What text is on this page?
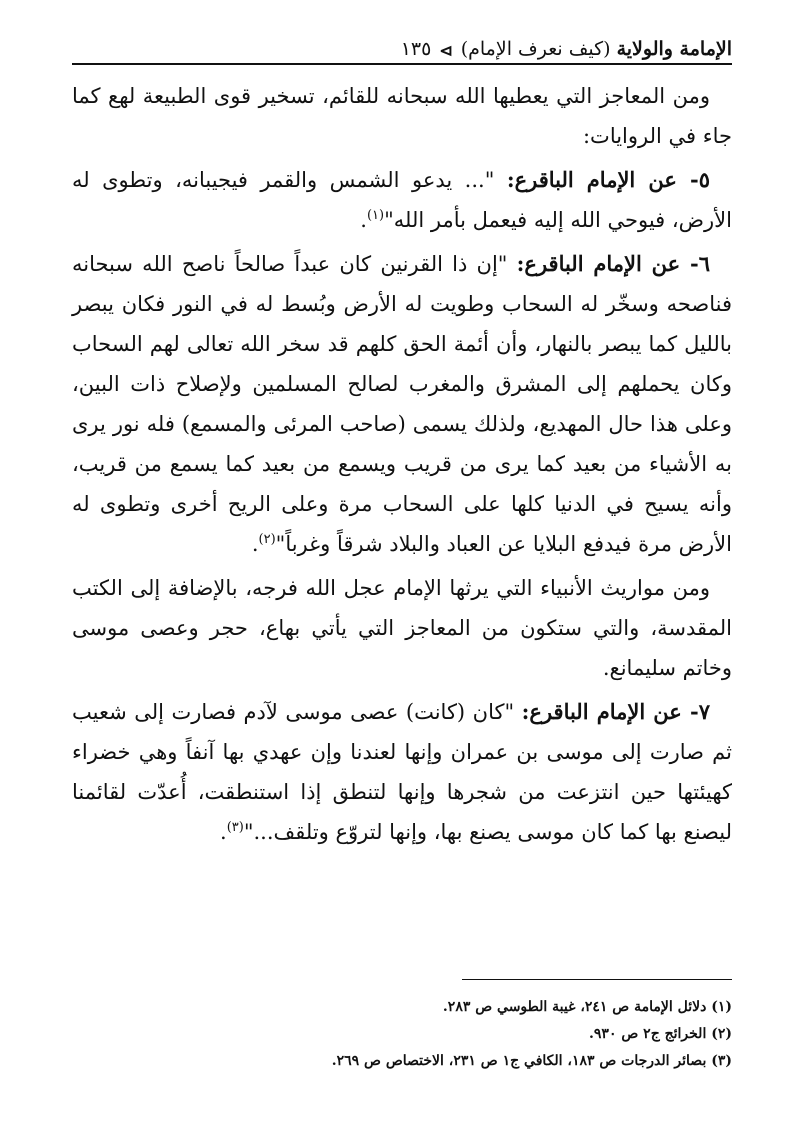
الإمامة والولاية
(كيف نعرف الإمام)
⊳
١٣٥

ومن المعاجز التي يعطيها الله سبحانه للقائم، تسخير قوى الطبيعة لهع كما جاء في الروايات:

٥- عن الإمام الباقرع: "... يدعو الشمس والقمر فيجيبانه، وتطوى له الأرض، فيوحي الله إليه فيعمل بأمر الله"$^{(١)}$.

٦- عن الإمام الباقرع: "إن ذا القرنين كان عبداً صالحاً ناصح الله سبحانه فناصحه وسخّر له السحاب وطويت له الأرض وبُسط له في النور فكان يبصر بالليل كما يبصر بالنهار، وأن أئمة الحق كلهم قد سخر الله تعالى لهم السحاب وكان يحملهم إلى المشرق والمغرب لصالح المسلمين ولإصلاح ذات البين، وعلى هذا حال المهديع، ولذلك يسمى (صاحب المرئى والمسمع) فله نور يرى به الأشياء من بعيد كما يرى من قريب ويسمع من بعيد كما يسمع من قريب، وأنه يسيح في الدنيا كلها على السحاب مرة وعلى الريح أخرى وتطوى له الأرض مرة فيدفع البلايا عن العباد والبلاد شرقاً وغرباً"$^{(٢)}$.

ومن مواريث الأنبياء التي يرثها الإمام عجل الله فرجه، بالإضافة إلى الكتب المقدسة، والتي ستكون من المعاجز التي يأتي بهاع، حجر وعصى موسى وخاتم سليمانع.

٧- عن الإمام الباقرع: "كان (كانت) عصى موسى لآدم فصارت إلى شعيب ثم صارت إلى موسى بن عمران وإنها لعندنا وإن عهدي بها آنفاً وهي خضراء كهيئتها حين انتزعت من شجرها وإنها لتنطق إذا استنطقت، أُعدّت لقائمنا ليصنع بها كما كان موسى يصنع بها، وإنها لتروّع وتلقف..."$^{(٣)}$.

(١) دلائل الإمامة ص ٢٤١، غيبة الطوسي ص ٢٨٣.
(٢) الخرائج ج٢ ص ٩٣٠.
(٣) بصائر الدرجات ص ١٨٣، الكافي ج١ ص ٢٣١، الاختصاص ص ٢٦٩.
